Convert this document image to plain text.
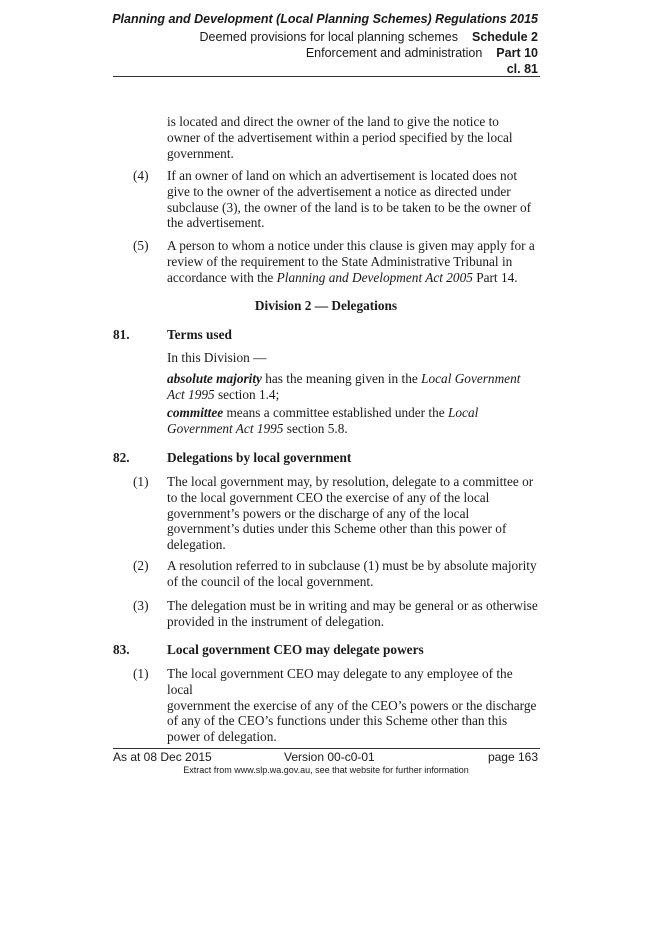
Planning and Development (Local Planning Schemes) Regulations 2015
Deemed provisions for local planning schemes Schedule 2
Enforcement and administration Part 10
cl. 81
is located and direct the owner of the land to give the notice to
owner of the advertisement within a period specified by the local
government.
(4)	If an owner of land on which an advertisement is located does not
give to the owner of the advertisement a notice as directed under
subclause (3), the owner of the land is to be taken to be the owner of
the advertisement.
(5)	A person to whom a notice under this clause is given may apply for a
review of the requirement to the State Administrative Tribunal in
accordance with the Planning and Development Act 2005 Part 14.
Division 2 — Delegations
81.	Terms used
In this Division —
absolute majority has the meaning given in the Local Government
Act 1995 section 1.4;
committee means a committee established under the Local
Government Act 1995 section 5.8.
82.	Delegations by local government
(1)	The local government may, by resolution, delegate to a committee or
to the local government CEO the exercise of any of the local
government’s powers or the discharge of any of the local
government’s duties under this Scheme other than this power of
delegation.
(2)	A resolution referred to in subclause (1) must be by absolute majority
of the council of the local government.
(3)	The delegation must be in writing and may be general or as otherwise
provided in the instrument of delegation.
83.	Local government CEO may delegate powers
(1)	The local government CEO may delegate to any employee of the local
government the exercise of any of the CEO’s powers or the discharge
of any of the CEO’s functions under this Scheme other than this
power of delegation.
As at 08 Dec 2015	Version 00-c0-01	page 163
Extract from www.slp.wa.gov.au, see that website for further information
